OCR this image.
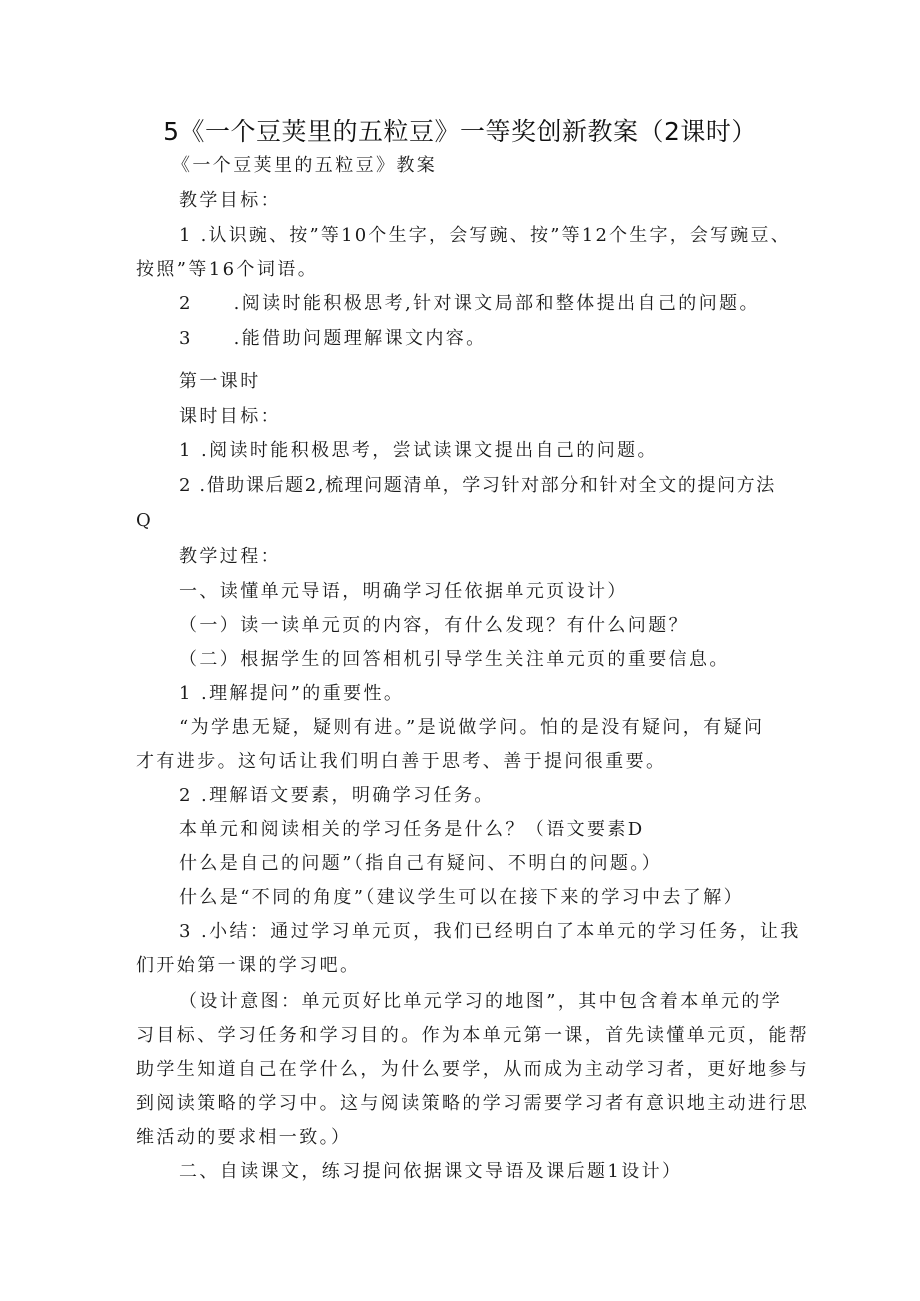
5《一个豆荚里的五粒豆》一等奖创新教案（2课时）
《一个豆荚里的五粒豆》教案
教学目标：
1 .认识豌、按”等10个生字，会写豌、按”等12个生字，会写豌豆、
按照”等16个词语。
2  .阅读时能积极思考,针对课文局部和整体提出自己的问题。
3  .能借助问题理解课文内容。
第一课时
课时目标：
1 .阅读时能积极思考，尝试读课文提出自己的问题。
2 .借助课后题2,梳理问题清单，学习针对部分和针对全文的提问方法
Q
教学过程：
一、读懂单元导语，明确学习任依据单元页设计）
（一）读一读单元页的内容，有什么发现？有什么问题？
（二）根据学生的回答相机引导学生关注单元页的重要信息。
1 .理解提问”的重要性。
“为学患无疑，疑则有进。”是说做学问。怕的是没有疑问，有疑问
才有进步。这句话让我们明白善于思考、善于提问很重要。
2 .理解语文要素，明确学习任务。
本单元和阅读相关的学习任务是什么？（语文要素D
什么是自己的问题”（指自己有疑问、不明白的问题。）
什么是“不同的角度”（建议学生可以在接下来的学习中去了解）
3 .小结：通过学习单元页，我们已经明白了本单元的学习任务，让我
们开始第一课的学习吧。
（设计意图：单元页好比单元学习的地图”，其中包含着本单元的学
习目标、学习任务和学习目的。作为本单元第一课，首先读懂单元页，能帮
助学生知道自己在学什么，为什么要学，从而成为主动学习者，更好地参与
到阅读策略的学习中。这与阅读策略的学习需要学习者有意识地主动进行思
维活动的要求相一致。）
二、自读课文，练习提问依据课文导语及课后题1设计）
